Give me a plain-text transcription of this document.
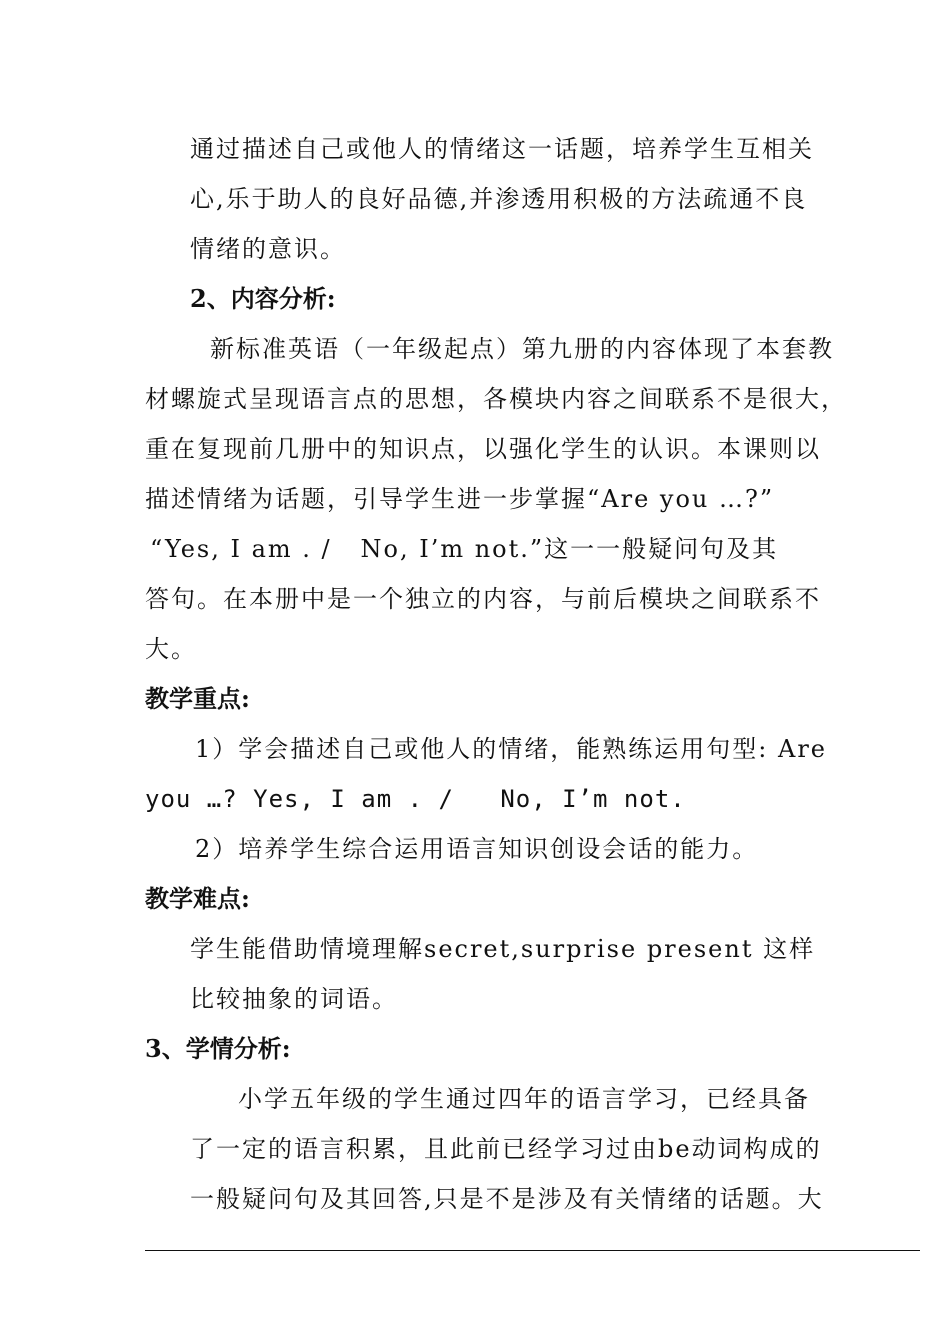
通过描述自己或他人的情绪这一话题，培养学生互相关
心,乐于助人的良好品德,并渗透用积极的方法疏通不良
情绪的意识。
2、内容分析:
新标准英语（一年级起点）第九册的内容体现了本套教
材螺旋式呈现语言点的思想，各模块内容之间联系不是很大，
重在复现前几册中的知识点，以强化学生的认识。本课则以
描述情绪为话题，引导学生进一步掌握“Are you …?”
“Yes, I am . /   No, I’m not.”这一一般疑问句及其
答句。在本册中是一个独立的内容，与前后模块之间联系不
大。
教学重点:
1）学会描述自己或他人的情绪，能熟练运用句型: Are
you …? Yes, I am . /   No, I’m not.
2）培养学生综合运用语言知识创设会话的能力。
教学难点:
学生能借助情境理解secret,surprise present 这样
比较抽象的词语。
3、学情分析:
小学五年级的学生通过四年的语言学习，已经具备
了一定的语言积累，且此前已经学习过由be动词构成的
一般疑问句及其回答,只是不是涉及有关情绪的话题。大
